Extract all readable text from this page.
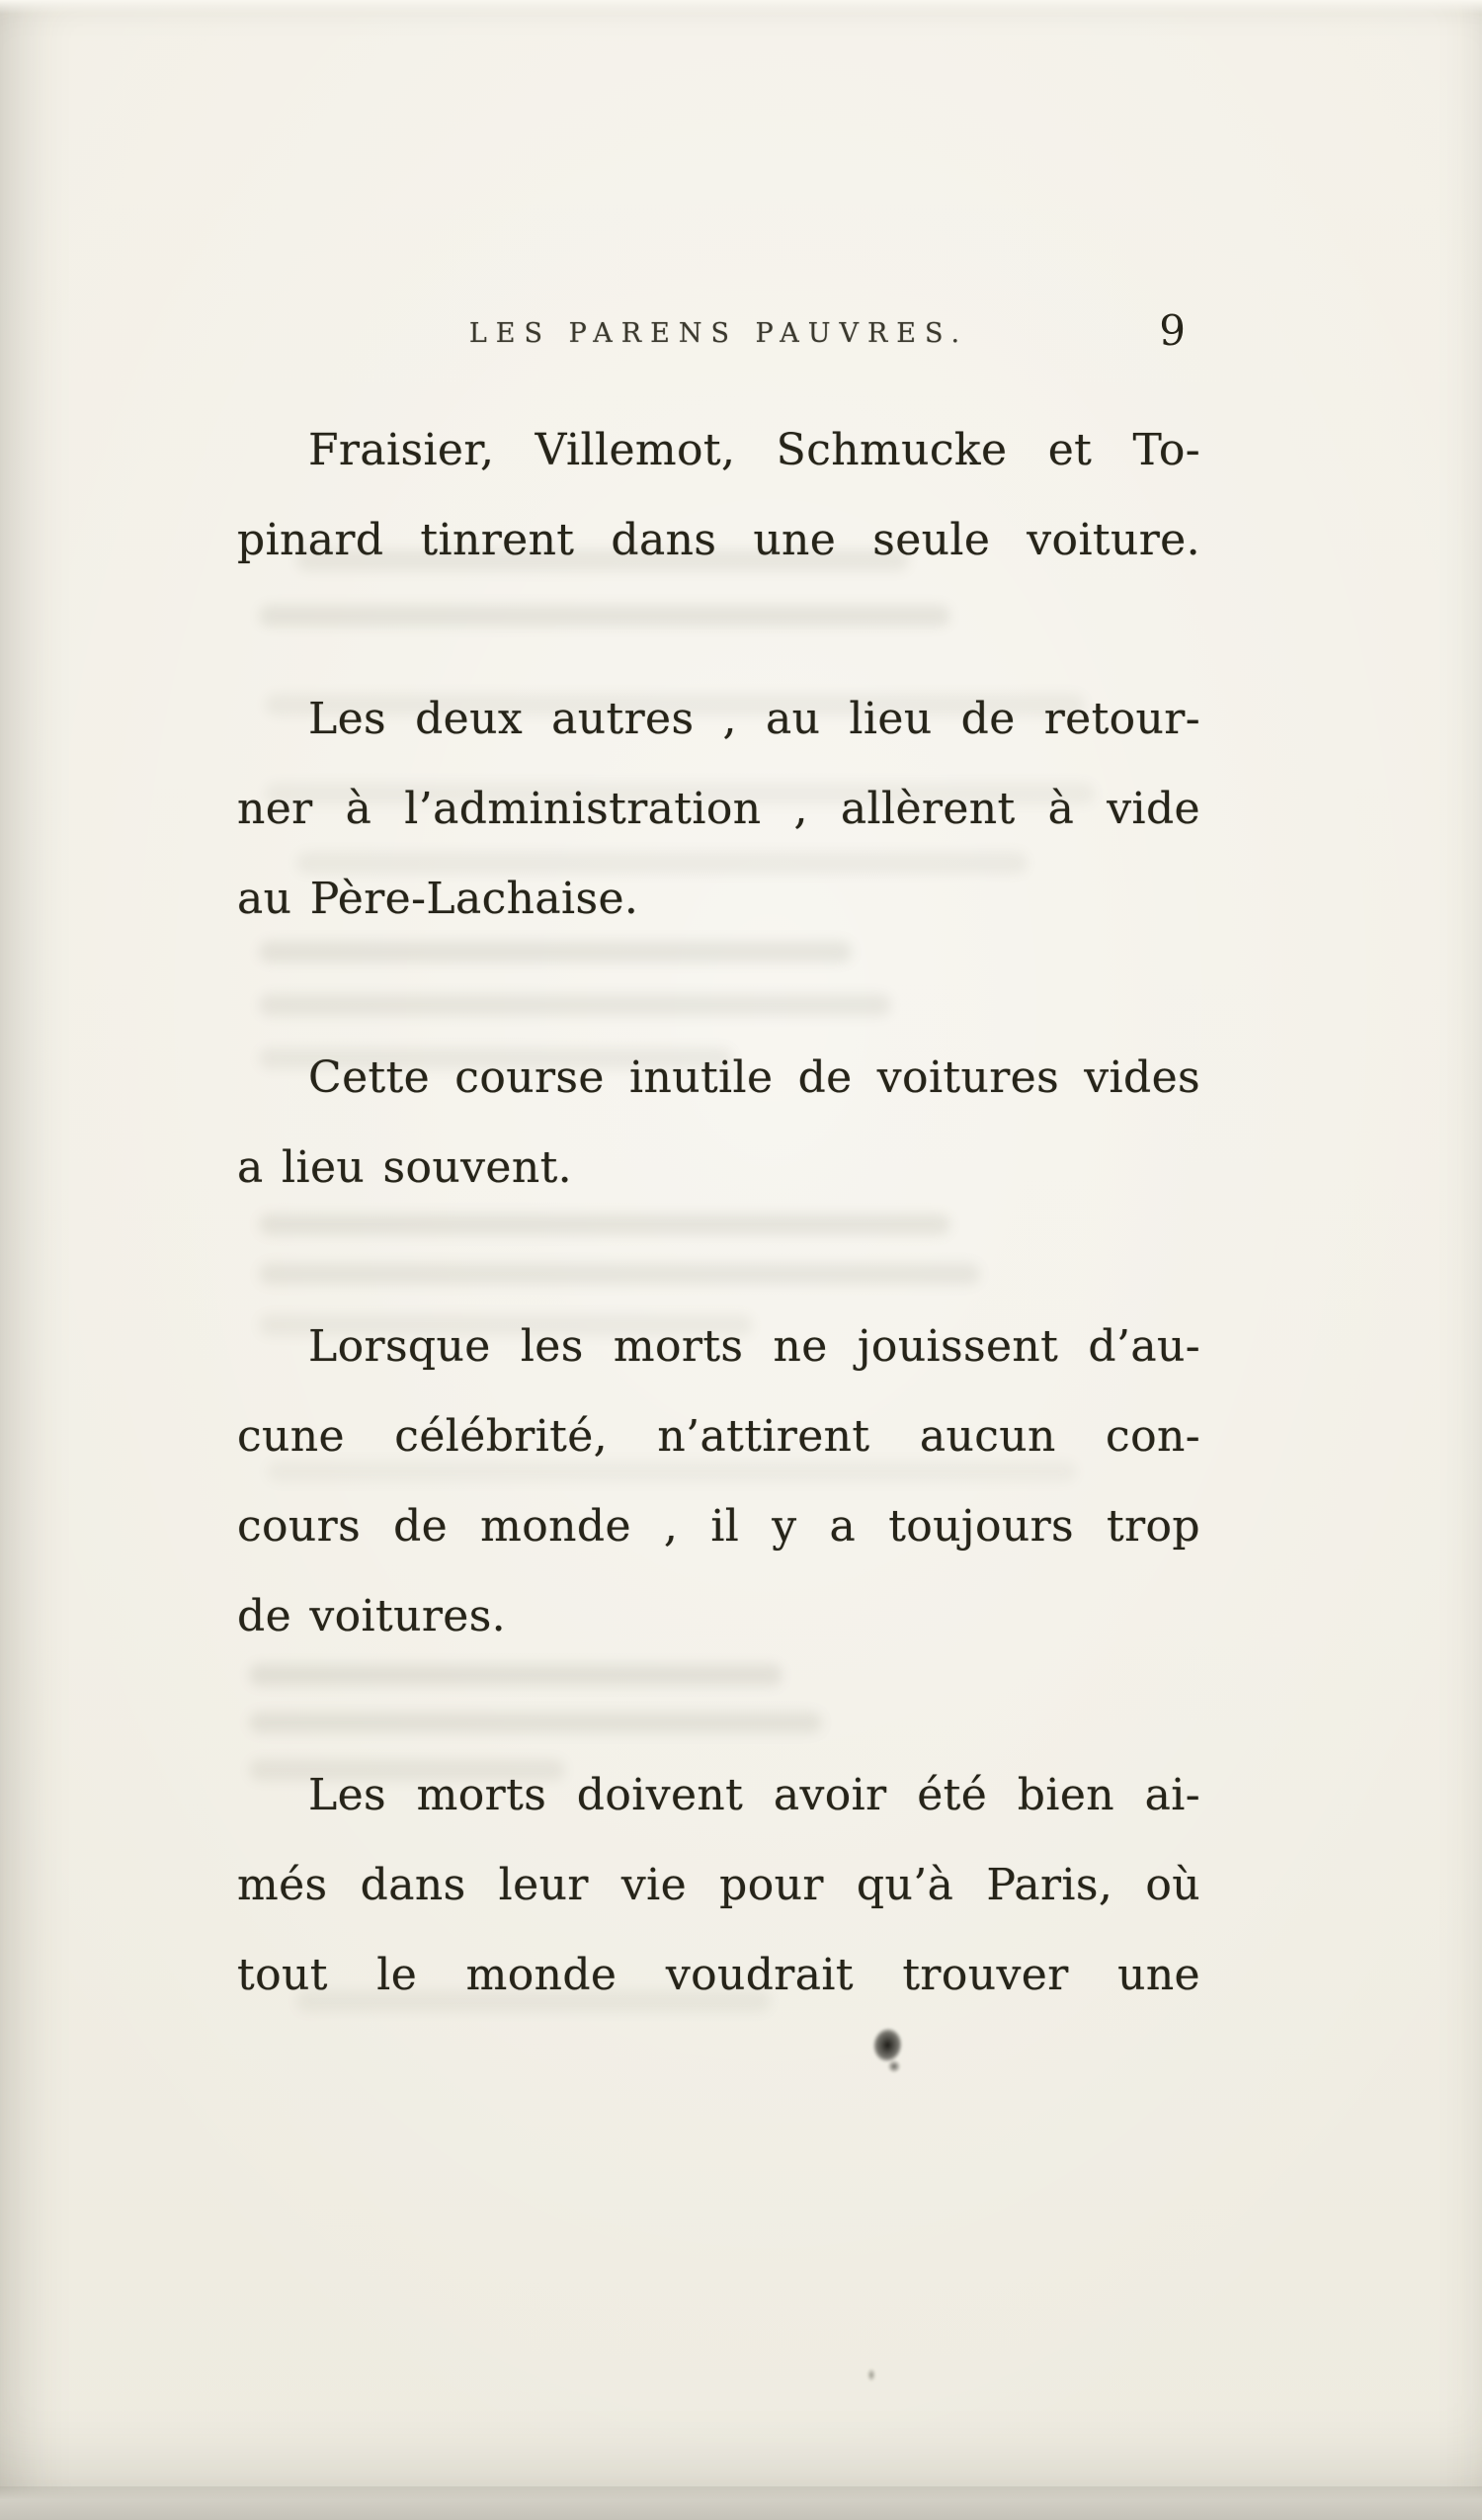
LES PARENS PAUVRES.	9
Fraisier, Villemot, Schmucke et To-
pinard tinrent dans une seule voiture.
Les deux autres , au lieu de retour-
ner à l’administration , allèrent à vide
au Père-Lachaise.
Cette course inutile de voitures vides
a lieu souvent.
Lorsque les morts ne jouissent d’au-
cune célébrité, n’attirent aucun con-
cours de monde , il y a toujours trop
de voitures.
Les morts doivent avoir été bien ai-
més dans leur vie pour qu’à Paris, où
tout le monde voudrait trouver une
